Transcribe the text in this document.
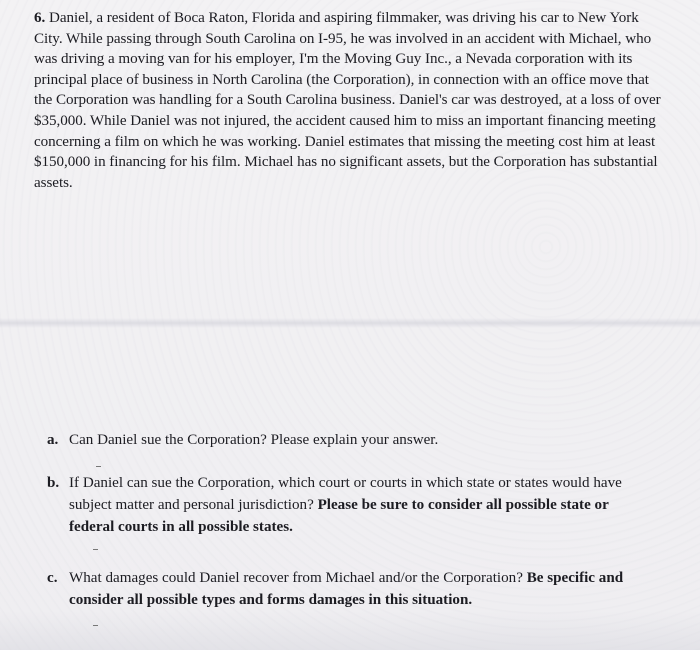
6. Daniel, a resident of Boca Raton, Florida and aspiring filmmaker, was driving his car to New York City. While passing through South Carolina on I-95, he was involved in an accident with Michael, who was driving a moving van for his employer, I'm the Moving Guy Inc., a Nevada corporation with its principal place of business in North Carolina (the Corporation), in connection with an office move that the Corporation was handling for a South Carolina business. Daniel's car was destroyed, at a loss of over $35,000. While Daniel was not injured, the accident caused him to miss an important financing meeting concerning a film on which he was working. Daniel estimates that missing the meeting cost him at least $150,000 in financing for his film. Michael has no significant assets, but the Corporation has substantial assets.
a. Can Daniel sue the Corporation? Please explain your answer.
b. If Daniel can sue the Corporation, which court or courts in which state or states would have subject matter and personal jurisdiction? Please be sure to consider all possible state or federal courts in all possible states.
c. What damages could Daniel recover from Michael and/or the Corporation? Be specific and consider all possible types and forms damages in this situation.
